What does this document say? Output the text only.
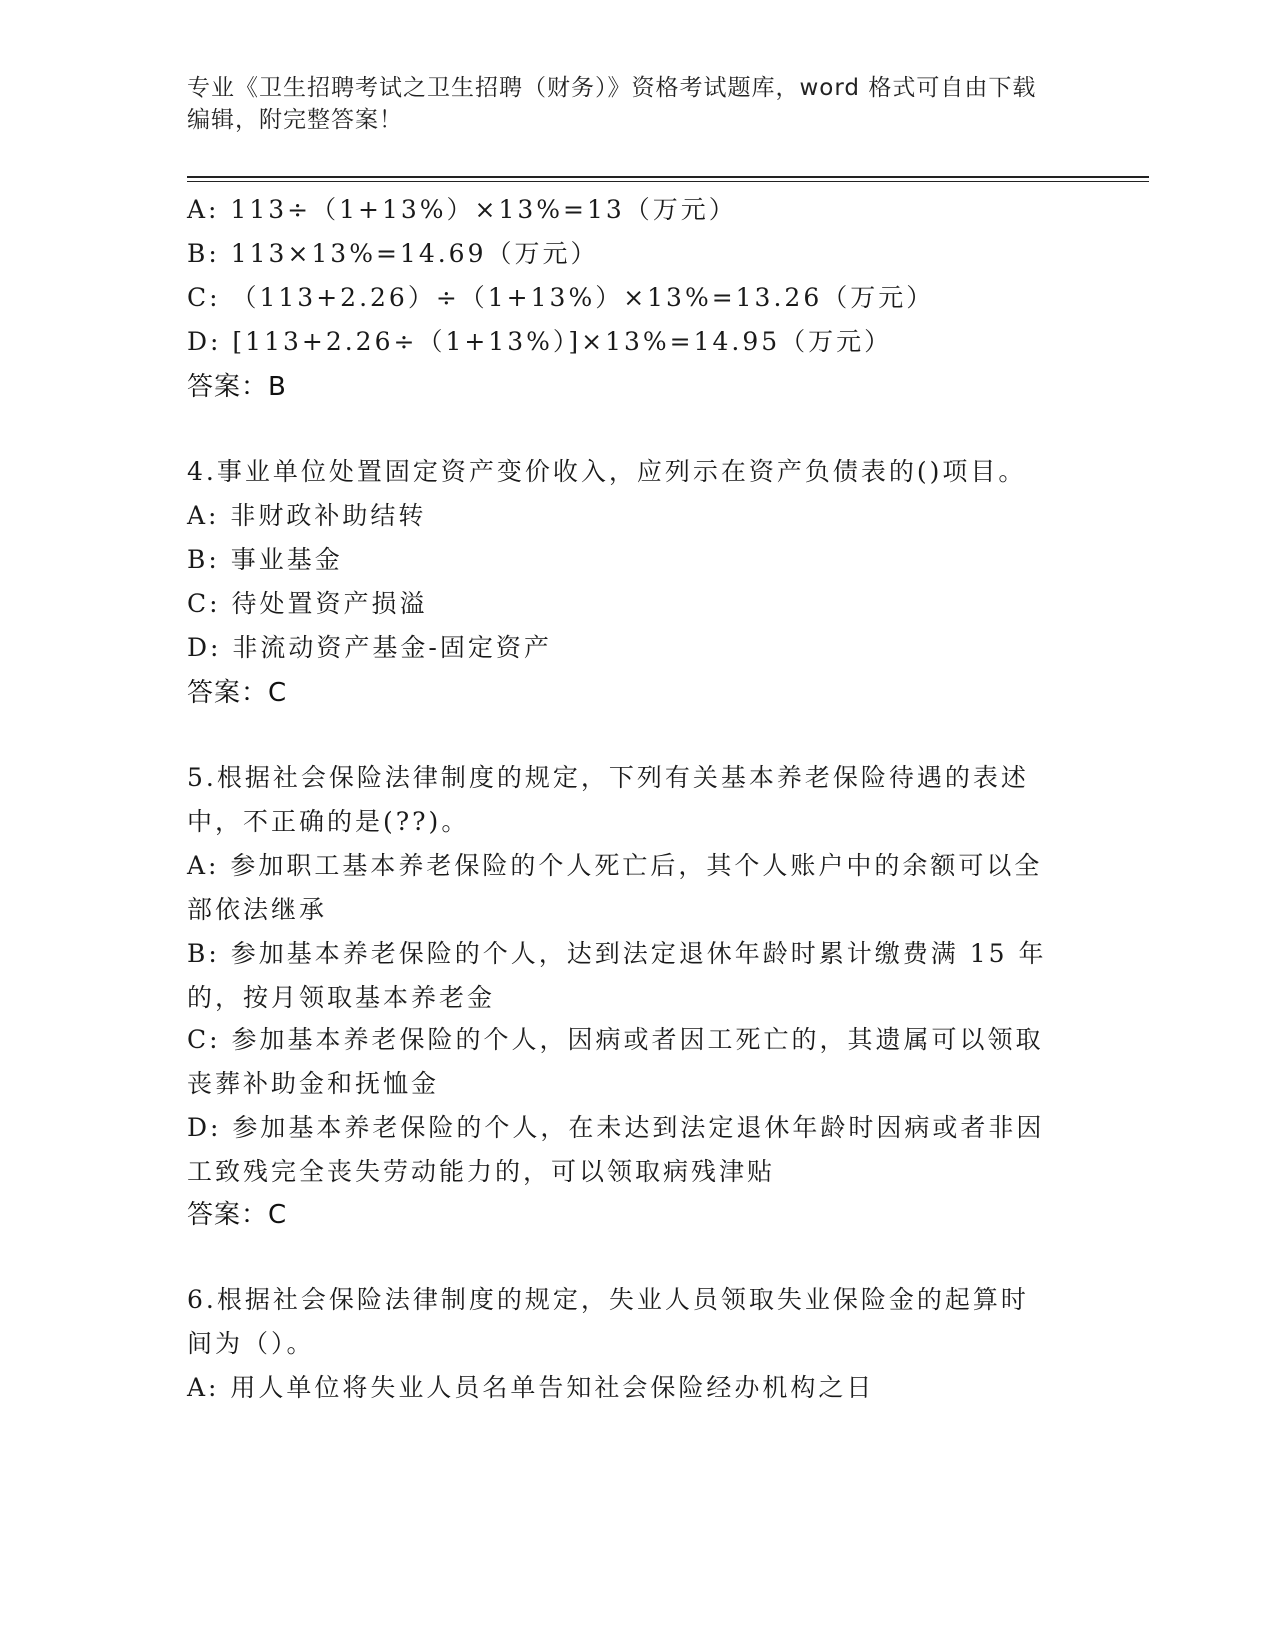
专业《卫生招聘考试之卫生招聘（财务）》资格考试题库，word 格式可自由下载
编辑，附完整答案！
A: 113÷（1+13%）×13%=13（万元）
B: 113×13%=14.69（万元）
C: （113+2.26）÷（1+13%）×13%=13.26（万元）
D: [113+2.26÷（1+13%）]×13%=14.95（万元）
答案：B
4.事业单位处置固定资产变价收入，应列示在资产负债表的()项目。
A: 非财政补助结转
B: 事业基金
C: 待处置资产损溢
D: 非流动资产基金-固定资产
答案：C
5.根据社会保险法律制度的规定，下列有关基本养老保险待遇的表述
中，不正确的是(??)。
A: 参加职工基本养老保险的个人死亡后，其个人账户中的余额可以全
部依法继承
B: 参加基本养老保险的个人，达到法定退休年龄时累计缴费满 15 年
的，按月领取基本养老金
C: 参加基本养老保险的个人，因病或者因工死亡的，其遗属可以领取
丧葬补助金和抚恤金
D: 参加基本养老保险的个人，在未达到法定退休年龄时因病或者非因
工致残完全丧失劳动能力的，可以领取病残津贴
答案：C
6.根据社会保险法律制度的规定，失业人员领取失业保险金的起算时
间为（）。
A: 用人单位将失业人员名单告知社会保险经办机构之日
